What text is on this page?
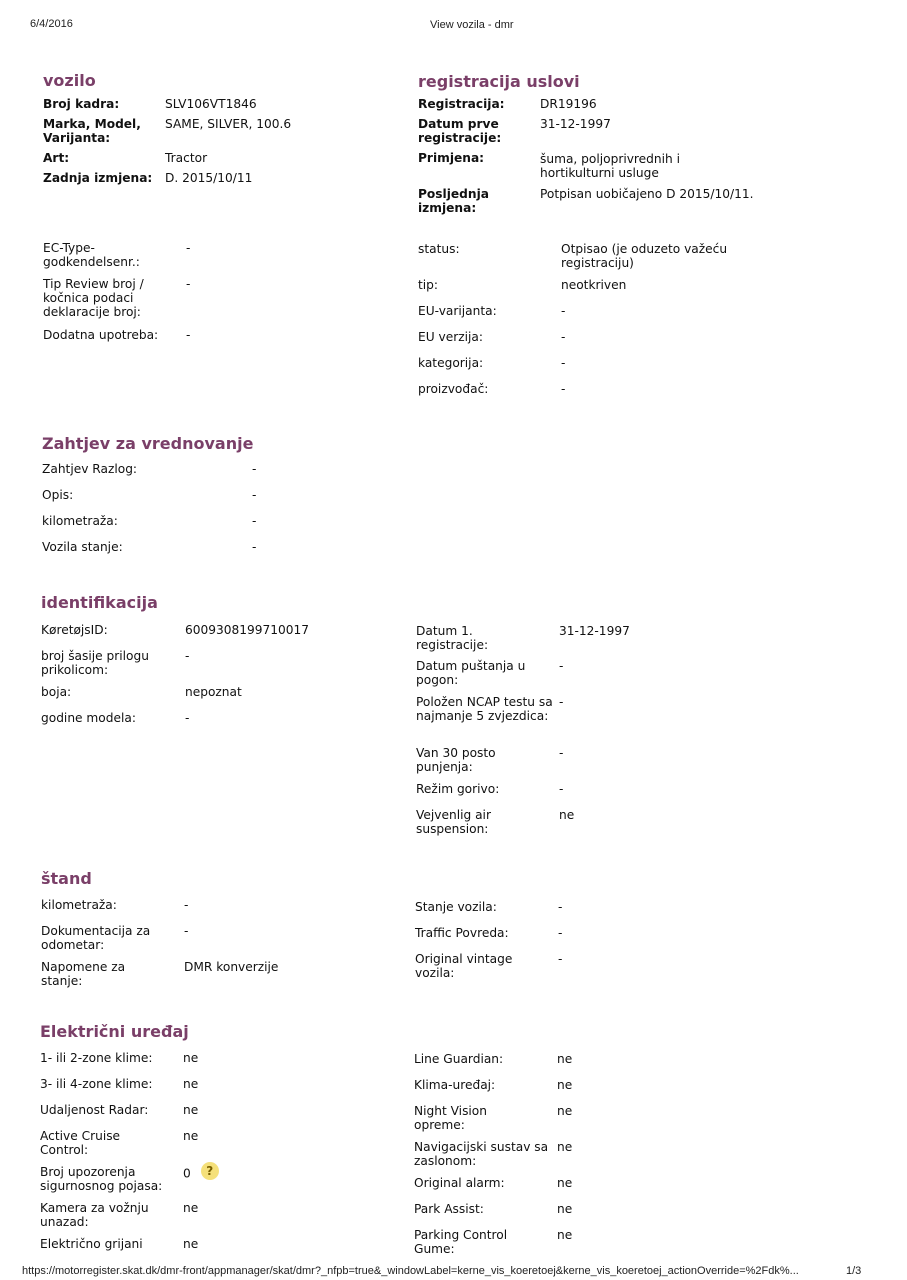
6/4/2016	View vozila - dmr
https://motorregister.skat.dk/dmr-front/appmanager/skat/dmr?_nfpb=true&_windowLabel=kerne_vis_koeretoej&kerne_vis_koeretoej_actionOverride=%2Fdk%...	1/3
vozilo
Broj kadra:	SLV106VT1846
Marka, Model, Varijanta:
SAME, SILVER, 100.6
Art:	Tractor
Zadnja izmjena:	D. 2015/10/11
registracija uslovi
Registracija:	DR19196
Datum prve registracije:
31-12-1997
Primjena:	šuma, poljoprivrednih i hortikulturni usluge
Posljednja izmjena:
Potpisan uobičajeno D 2015/10/11.
EC-Type-godkendelsenr.:
-
Tip Review broj / kočnica podaci deklaracije broj:
-
Dodatna upotreba:	-
status:	Otpisao (je oduzeto važeću registraciju)
tip:	neotkriven
EU-varijanta:	-
EU verzija:	-
kategorija:	-
proizvođač:	-
Zahtjev za vrednovanje
Zahtjev Razlog:	-
Opis:	-
kilometraža:	-
Vozila stanje:	-
identifikacija
KøretøjsID:	6009308199710017
broj šasije prilogu prikolicom:
-
boja:	nepoznat
godine modela:	-
Datum 1. registracije:
31-12-1997
Datum puštanja u pogon:
-
Položen NCAP testu sa najmanje 5 zvjezdica:
-
Van 30 posto punjenja:
-
Režim gorivo:	-
Vejvenlig air suspension:
ne
štand
kilometraža:	-
Dokumentacija za odometar:
-
Napomene za stanje:
DMR konverzije
Stanje vozila:	-
Traffic Povreda:	-
Original vintage vozila:
-
Električni uređaj
1- ili 2-zone klime:	ne
3- ili 4-zone klime:	ne
Udaljenost Radar:	ne
Active Cruise Control:
ne
Broj upozorenja sigurnosnog pojasa:
0 ?
Kamera za vožnju unazad:
ne
Električno grijani	ne
Line Guardian:	ne
Klima-uređaj:	ne
Night Vision opreme:
ne
Navigacijski sustav sa zaslonom:
ne
Original alarm:	ne
Park Assist:	ne
Parking Control Gume:
ne
